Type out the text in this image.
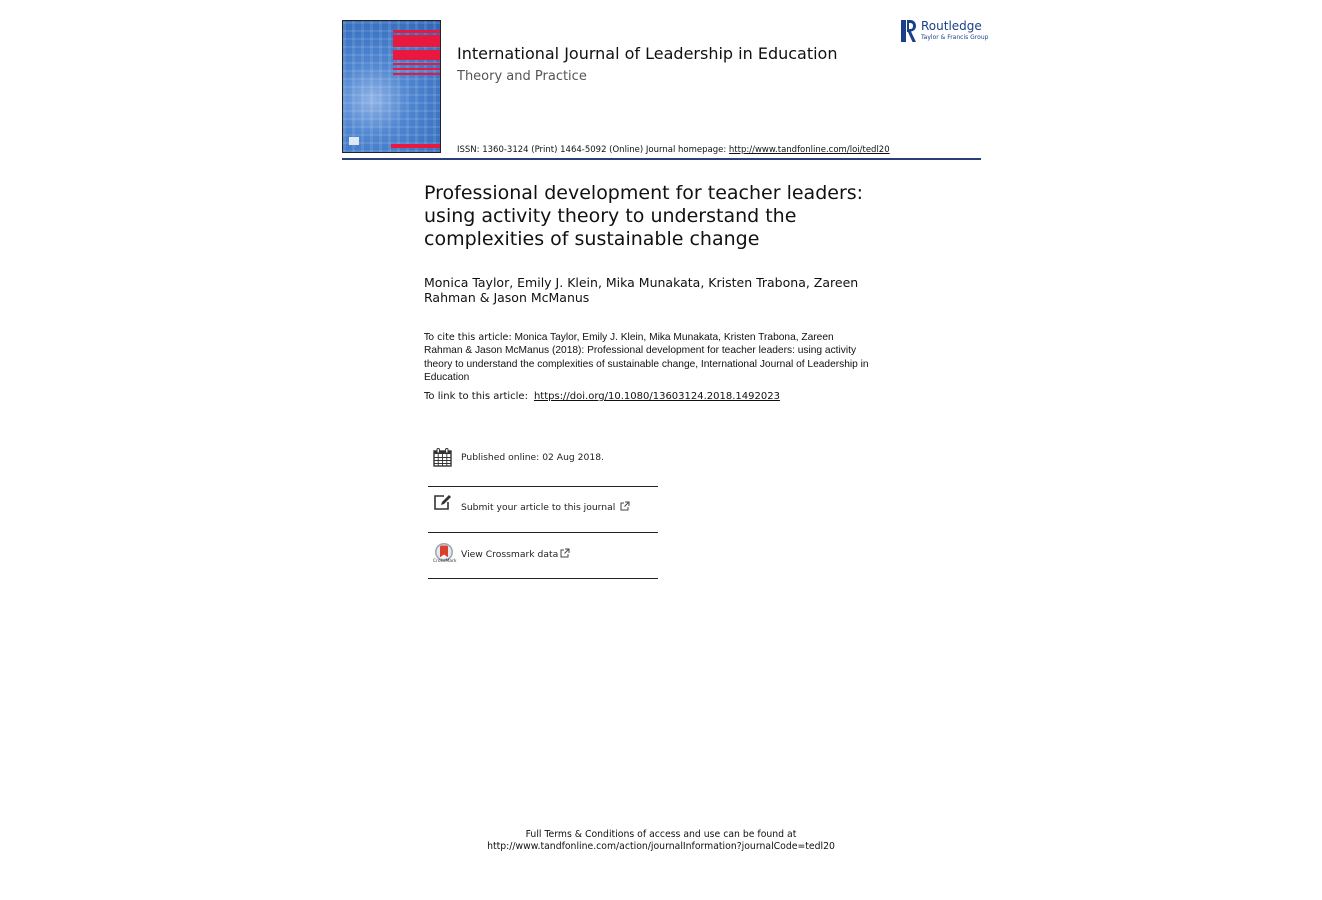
International Journal of Leadership in Education
Theory and Practice
ISSN: 1360-3124 (Print) 1464-5092 (Online) Journal homepage: http://www.tandfonline.com/loi/tedl20
Routledge
Taylor & Francis Group
Professional development for teacher leaders:
using activity theory to understand the
complexities of sustainable change
Monica Taylor, Emily J. Klein, Mika Munakata, Kristen Trabona, Zareen
Rahman & Jason McManus
To cite this article: Monica Taylor, Emily J. Klein, Mika Munakata, Kristen Trabona, Zareen
Rahman & Jason McManus (2018): Professional development for teacher leaders: using activity
theory to understand the complexities of sustainable change, International Journal of Leadership in
Education
To link to this article: https://doi.org/10.1080/13603124.2018.1492023
Published online: 02 Aug 2018.
Submit your article to this journal
CrossMark
View Crossmark data
Full Terms & Conditions of access and use can be found at
http://www.tandfonline.com/action/journalInformation?journalCode=tedl20
